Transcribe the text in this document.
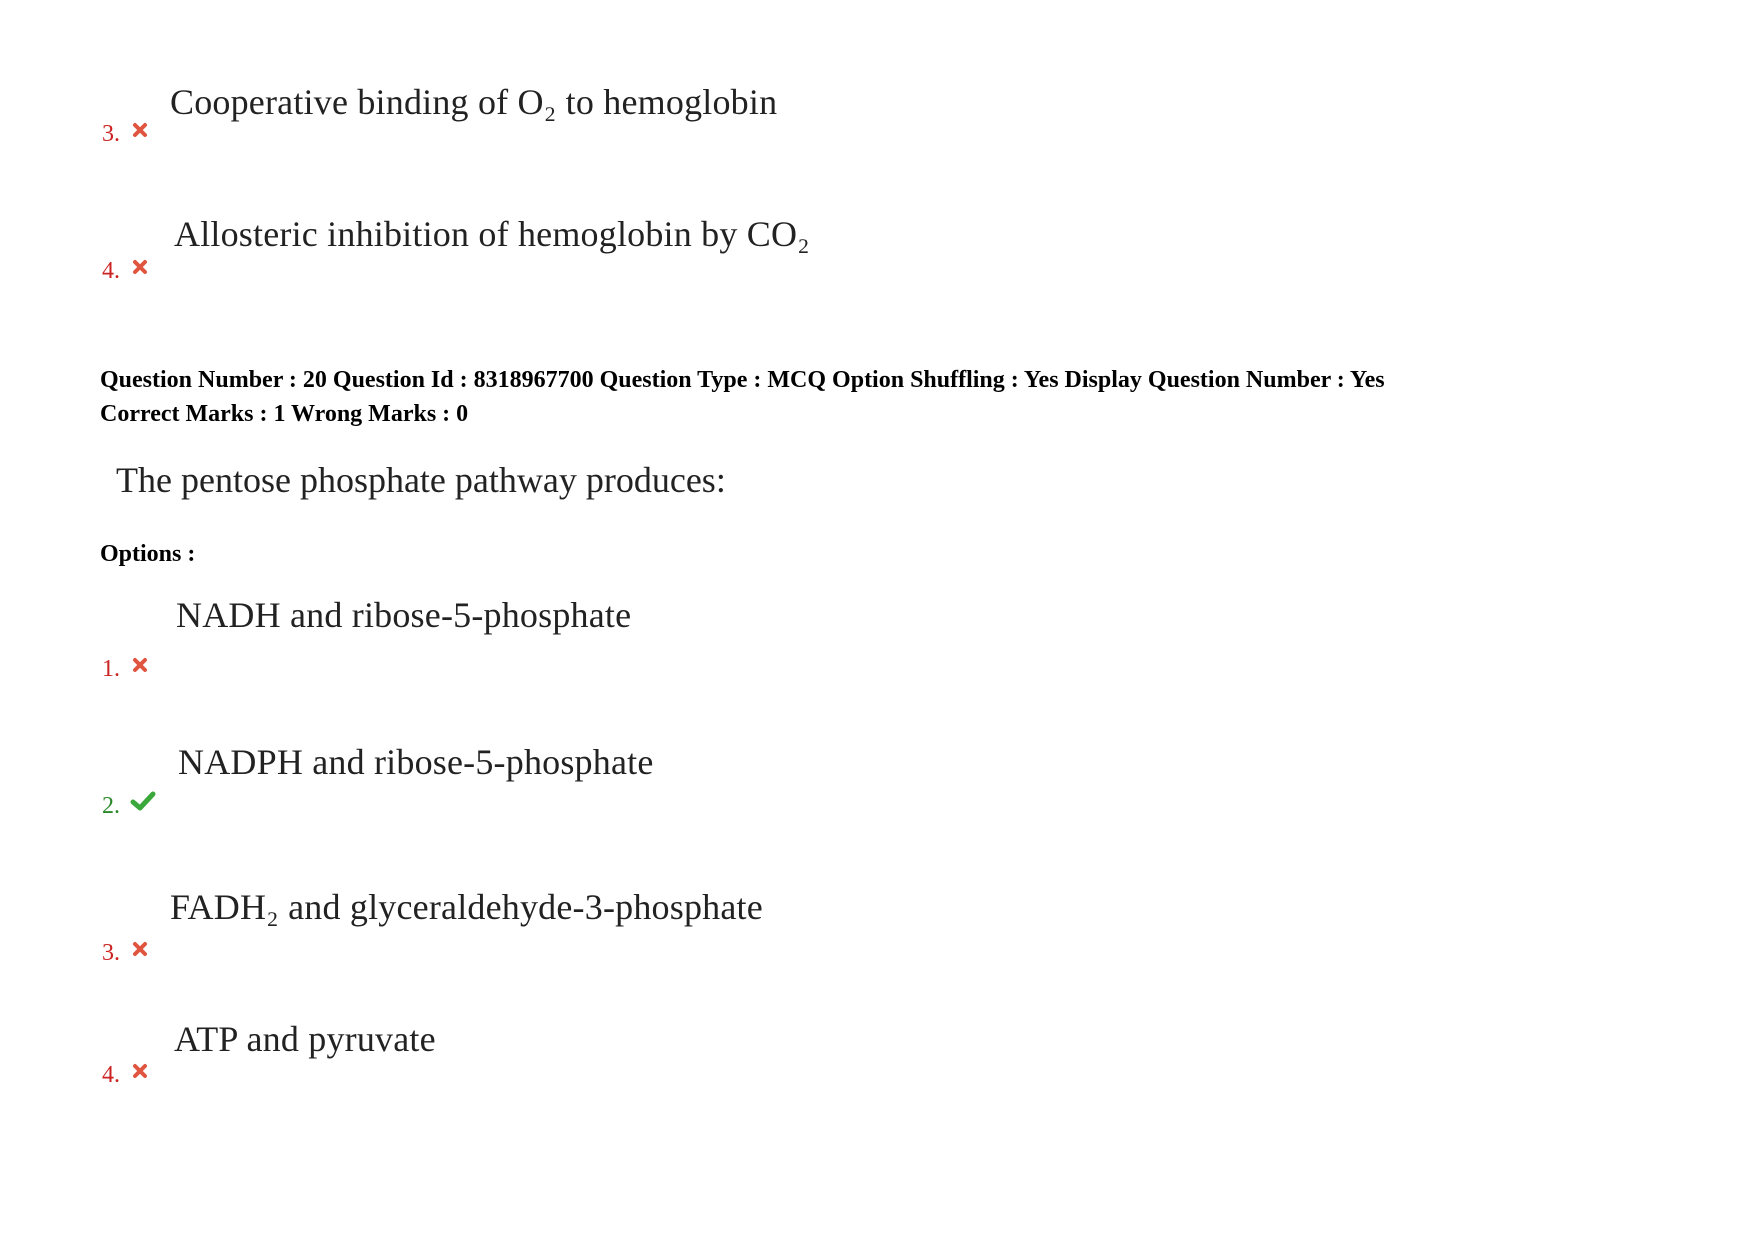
Cooperative binding of O₂ to hemoglobin
3.
Allosteric inhibition of hemoglobin by CO₂
4.
Question Number : 20 Question Id : 8318967700 Question Type : MCQ Option Shuffling : Yes Display Question Number : Yes
Correct Marks : 1 Wrong Marks : 0
The pentose phosphate pathway produces:
Options :
NADH and ribose-5-phosphate
1.
NADPH and ribose-5-phosphate
2.
FADH₂ and glyceraldehyde-3-phosphate
3.
ATP and pyruvate
4.
